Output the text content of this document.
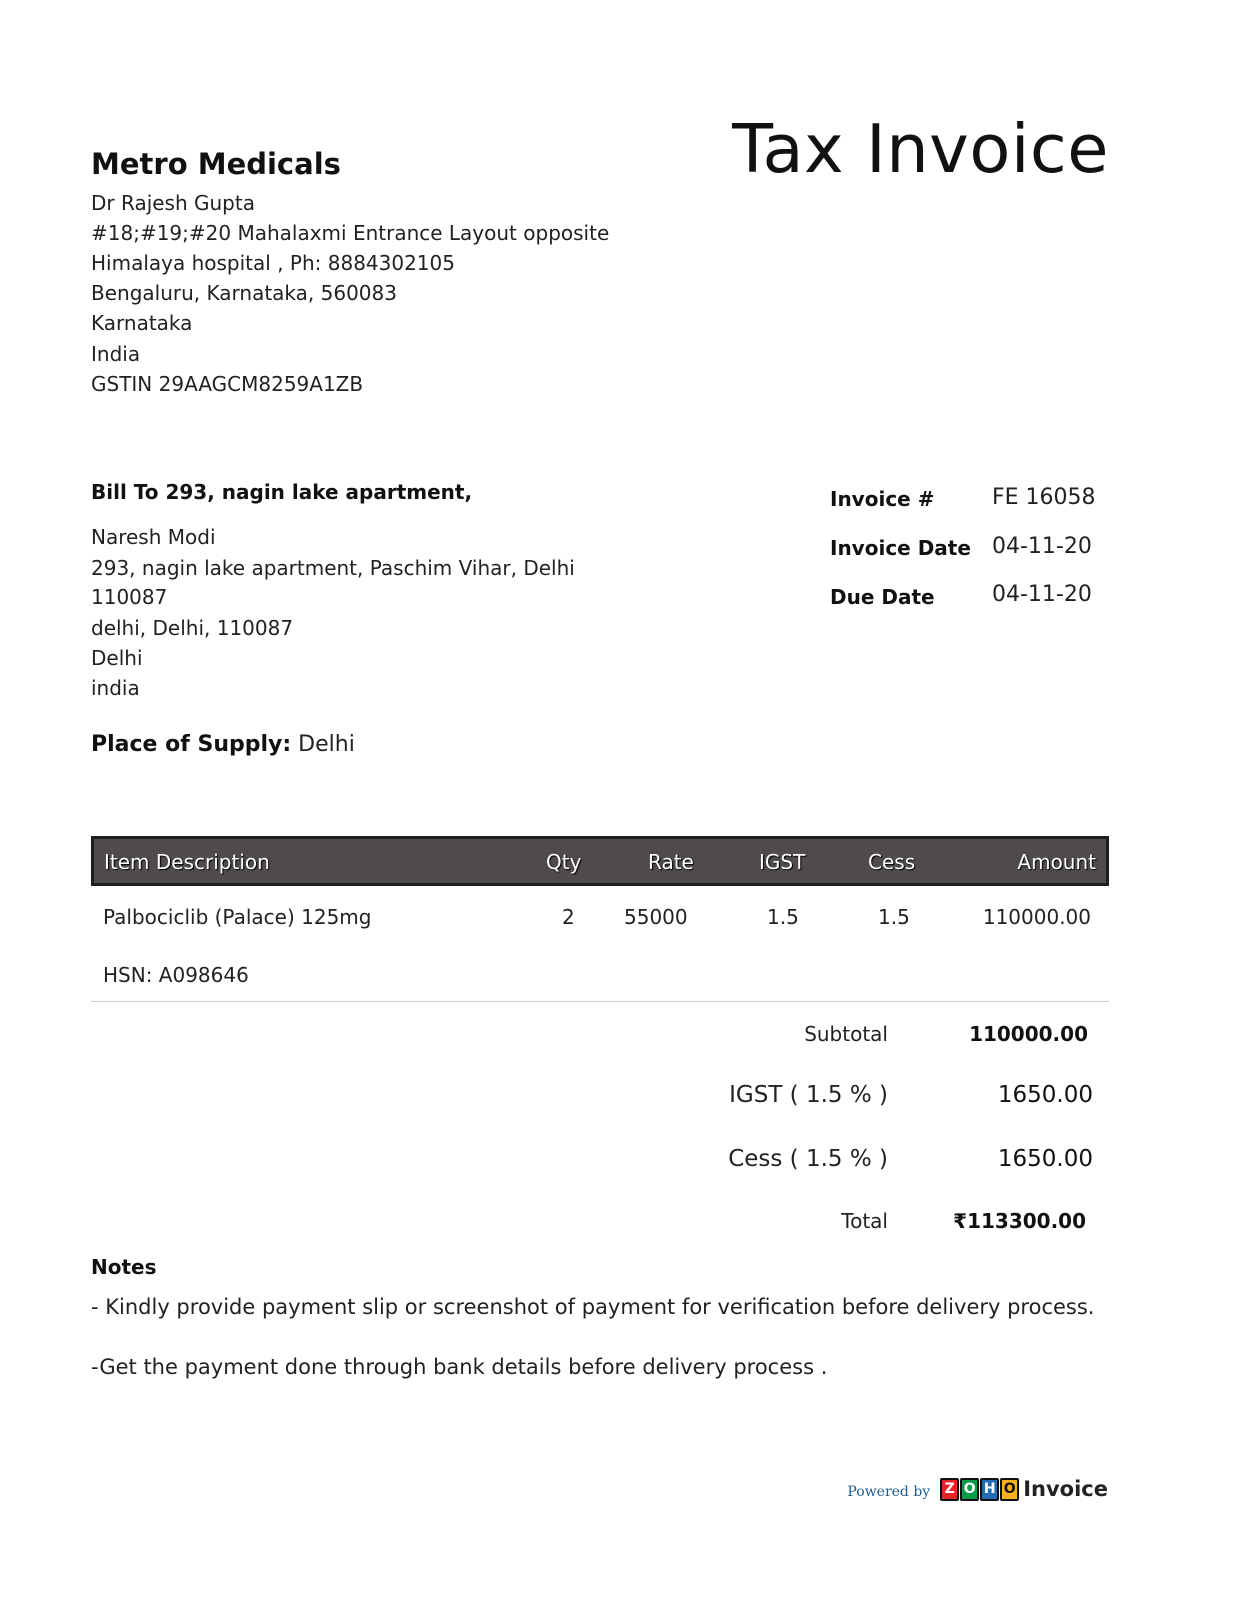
Metro Medicals	Tax Invoice
Dr Rajesh Gupta
#18;#19;#20 Mahalaxmi Entrance Layout opposite
Himalaya hospital , Ph: 8884302105
Bengaluru, Karnataka, 560083
Karnataka
India
GSTIN 29AAGCM8259A1ZB
Bill To 293, nagin lake apartment,
Naresh Modi
293, nagin lake apartment, Paschim Vihar, Delhi
110087
delhi, Delhi, 110087
Delhi
india
Invoice #	FE 16058
Invoice Date 04-11-20
Due Date	04-11-20
Place of Supply: Delhi
Item Description	Qty	Rate	IGST	Cess	Amount
Palbociclib (Palace) 125mg	2 55000	1.5	1.5	110000.00
HSN: A098646
Subtotal	110000.00
IGST ( 1.5 % )	1650.00
Cess ( 1.5 % )	1650.00
Total	₹113300.00
Notes
- Kindly provide payment slip or screenshot of payment for verification before delivery process.
-Get the payment done through bank details before delivery process .
Powered by	Z O H O Invoice
